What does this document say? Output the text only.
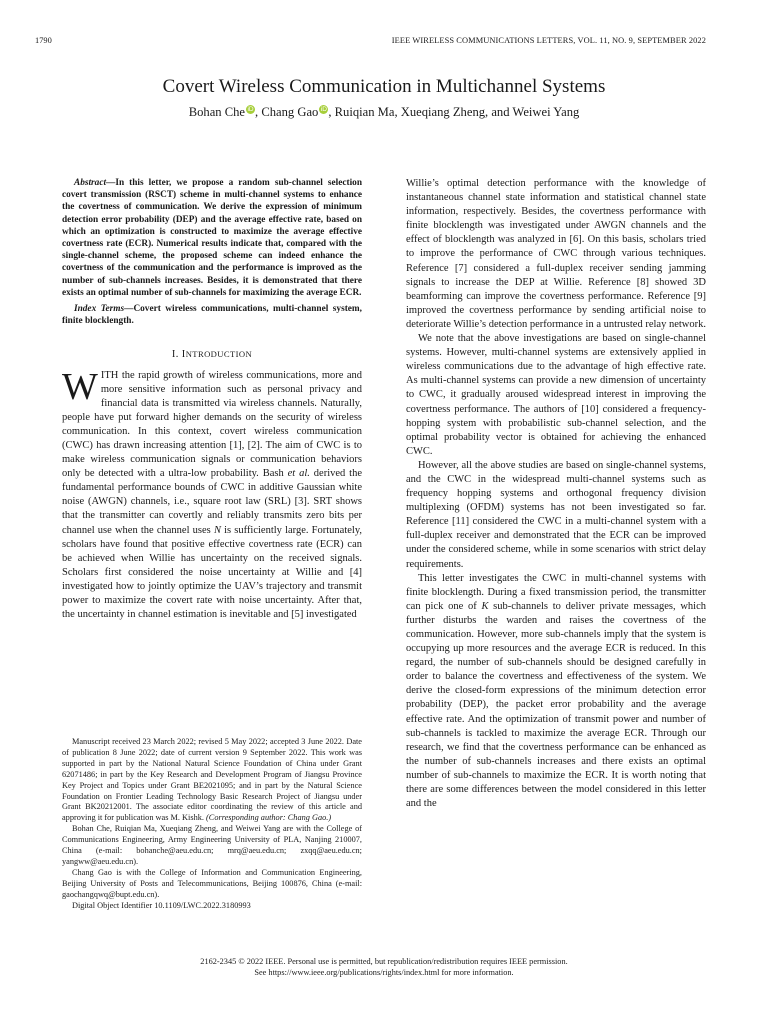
1790	IEEE WIRELESS COMMUNICATIONS LETTERS, VOL. 11, NO. 9, SEPTEMBER 2022
Covert Wireless Communication in Multichannel Systems
Bohan Che iD, Chang Gao iD, Ruiqian Ma, Xueqiang Zheng, and Weiwei Yang

Abstract—In this letter, we propose a random sub-channel selection covert transmission (RSCT) scheme in multi-channel systems to enhance the covertness of communication. We derive the expression of minimum detection error probability (DEP) and the average effective rate, based on which an optimization is constructed to maximize the average effective covertness rate (ECR). Numerical results indicate that, compared with the single-channel scheme, the proposed scheme can indeed enhance the covertness of the communication and the performance is improved as the number of sub-channels increases. Besides, it is demonstrated that there exists an optimal number of sub-channels for maximizing the average ECR.

Index Terms—Covert wireless communications, multi-channel system, finite blocklength.

I. INTRODUCTION

WITH the rapid growth of wireless communications, more and more sensitive information such as personal privacy and financial data is transmitted via wireless channels. Naturally, people have put forward higher demands on the security of wireless communication. In this context, covert wireless communication (CWC) has drawn increasing attention [1], [2]. The aim of CWC is to make wireless communication signals or communication behaviors only be detected with a ultra-low probability. Bash et al. derived the fundamental performance bounds of CWC in additive Gaussian white noise (AWGN) channels, i.e., square root law (SRL) [3]. SRT shows that the transmitter can covertly and reliably transmits zero bits per channel use when the channel uses N is sufficiently large. Fortunately, scholars have found that positive effective covertness rate (ECR) can be achieved when Willie has uncertainty on the received signals. Scholars first considered the noise uncertainty at Willie and [4] investigated how to jointly optimize the UAV’s trajectory and transmit power to maximize the covert rate with noise uncertainty. After that, the uncertainty in channel estimation is inevitable and [5] investigated

Manuscript received 23 March 2022; revised 5 May 2022; accepted 3 June 2022. Date of publication 8 June 2022; date of current version 9 September 2022. This work was supported in part by the National Natural Science Foundation of China under Grant 62071486; in part by the Key Research and Development Program of Jiangsu Province Key Project and Topics under Grant BE2021095; and in part by the Natural Science Foundation on Frontier Leading Technology Basic Research Project of Jiangsu under Grant BK20212001. The associate editor coordinating the review of this article and approving it for publication was M. Kishk. (Corresponding author: Chang Gao.)

Bohan Che, Ruiqian Ma, Xueqiang Zheng, and Weiwei Yang are with the College of Communications Engineering, Army Engineering University of PLA, Nanjing 210007, China (e-mail: bohanche@aeu.edu.cn; mrq@aeu.edu.cn; zxqq@aeu.edu.cn; yangww@aeu.edu.cn).

Chang Gao is with the College of Information and Communication Engineering, Beijing University of Posts and Telecommunications, Beijing 100876, China (e-mail: gaochangqwq@bupt.edu.cn).

Digital Object Identifier 10.1109/LWC.2022.3180993

Willie’s optimal detection performance with the knowledge of instantaneous channel state information and statistical channel state information, respectively. Besides, the covertness performance with finite blocklength was investigated under AWGN channels and the effect of blocklength was analyzed in [6]. On this basis, scholars tried to improve the performance of CWC through various techniques. Reference [7] considered a full-duplex receiver sending jamming signals to increase the DEP at Willie. Reference [8] showed 3D beamforming can improve the covertness performance. Reference [9] improved the covertness performance by sending artificial noise to deteriorate Willie’s detection performance in a untrusted relay network.

We note that the above investigations are based on single-channel systems. However, multi-channel systems are extensively applied in wireless communications due to the advantage of high effective rate. As multi-channel systems can provide a new dimension of uncertainty to CWC, it gradually aroused widespread interest in improving the covertness performance. The authors of [10] considered a frequency-hopping system with probabilistic sub-channel selection, and the optimal probability vector is obtained for achieving the enhanced CWC.

However, all the above studies are based on single-channel systems, and the CWC in the widespread multi-channel systems such as frequency hopping systems and orthogonal frequency division multiplexing (OFDM) systems has not been investigated so far. Reference [11] considered the CWC in a multi-channel system with a full-duplex receiver and demonstrated that the ECR can be improved under the considered scheme, while in some scenarios with strict delay requirements.

This letter investigates the CWC in multi-channel systems with finite blocklength. During a fixed transmission period, the transmitter can pick one of K sub-channels to deliver private messages, which further disturbs the warden and raises the covertness of the communication. However, more sub-channels imply that the system is occupying up more resources and the average ECR is reduced. In this regard, the number of sub-channels should be designed carefully in order to balance the covertness and effectiveness of the system. We derive the closed-form expressions of the minimum detection error probability (DEP), the packet error probability and the average effective rate. And the optimization of transmit power and number of sub-channels is tackled to maximize the average ECR. Through our research, we find that the covertness performance can be enhanced as the number of sub-channels increases and there exists an optimal number of sub-channels to maximize the ECR. It is worth noting that there are some differences between the model considered in this letter and the

2162-2345 © 2022 IEEE. Personal use is permitted, but republication/redistribution requires IEEE permission.
See https://www.ieee.org/publications/rights/index.html for more information.
